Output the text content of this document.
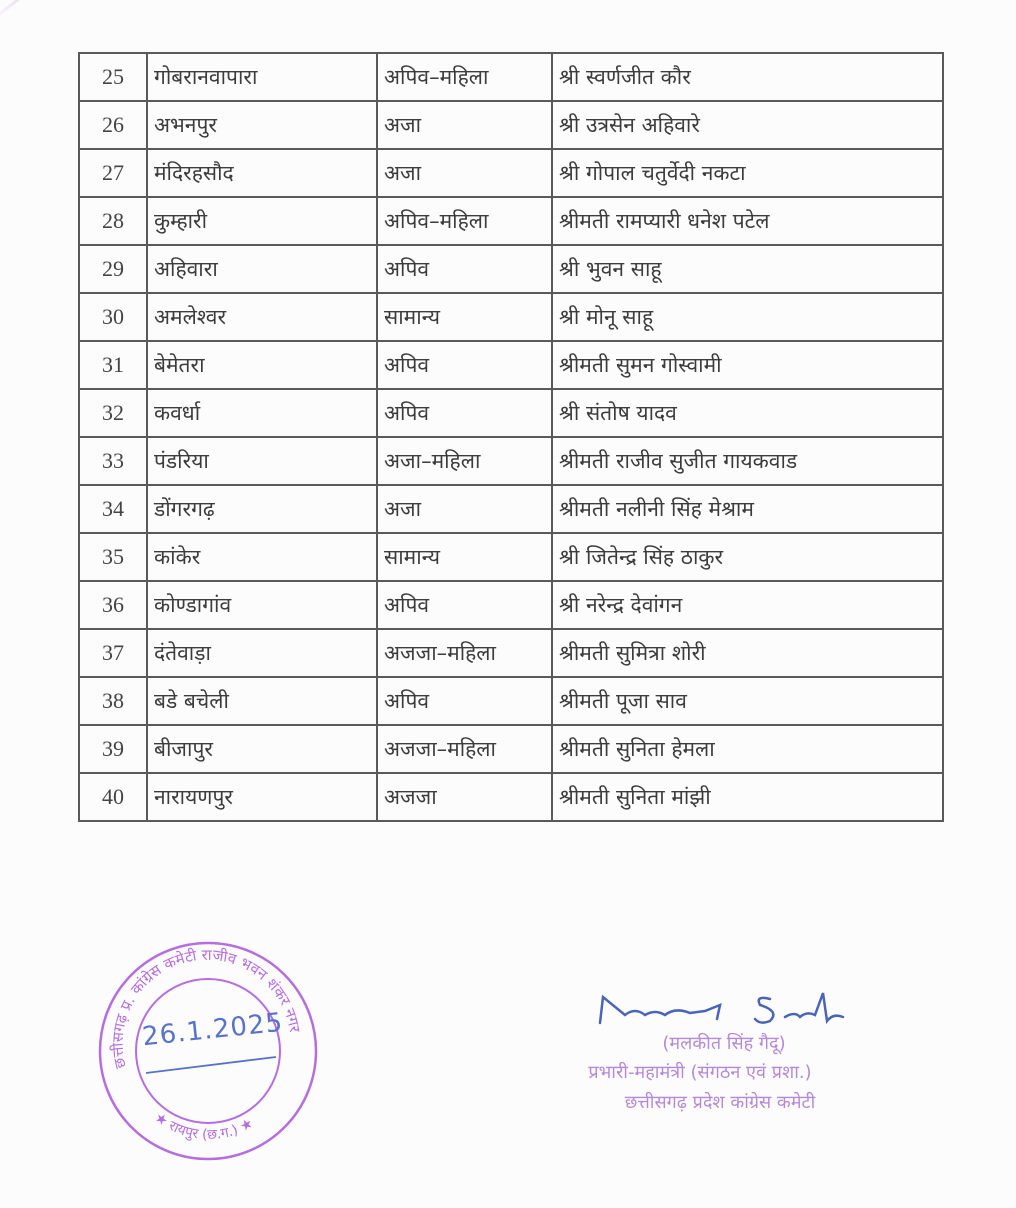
25	गोबरानवापारा	अपिव–महिला	श्री स्वर्णजीत कौर
26	अभनपुर	अजा	श्री उत्रसेन अहिवारे
27	मंदिरहसौद	अजा	श्री गोपाल चतुर्वेदी नकटा
28	कुम्हारी	अपिव–महिला	श्रीमती रामप्यारी धनेश पटेल
29	अहिवारा	अपिव	श्री भुवन साहू
30	अमलेश्वर	सामान्य	श्री मोनू साहू
31	बेमेतरा	अपिव	श्रीमती सुमन गोस्वामी
32	कवर्धा	अपिव	श्री संतोष यादव
33	पंडरिया	अजा–महिला	श्रीमती राजीव सुजीत गायकवाड
34	डोंगरगढ़	अजा	श्रीमती नलीनी सिंह मेश्राम
35	कांकेर	सामान्य	श्री जितेन्द्र सिंह ठाकुर
36	कोण्डागांव	अपिव	श्री नरेन्द्र देवांगन
37	दंतेवाड़ा	अजजा–महिला	श्रीमती सुमित्रा शोरी
38	बडे बचेली	अपिव	श्रीमती पूजा साव
39	बीजापुर	अजजा–महिला	श्रीमती सुनिता हेमला
40	नारायणपुर	अजजा	श्रीमती सुनिता मांझी
छत्तीसगढ़ प्र. कांग्रेस कमेटी राजीव भवन शंकर नगर
★ रायपुर (छ.ग.) ★
26.1.2025	(मलकीत सिंह गैदू)
प्रभारी-महामंत्री (संगठन एवं प्रशा.)
छत्तीसगढ़ प्रदेश कांग्रेस कमेटी
